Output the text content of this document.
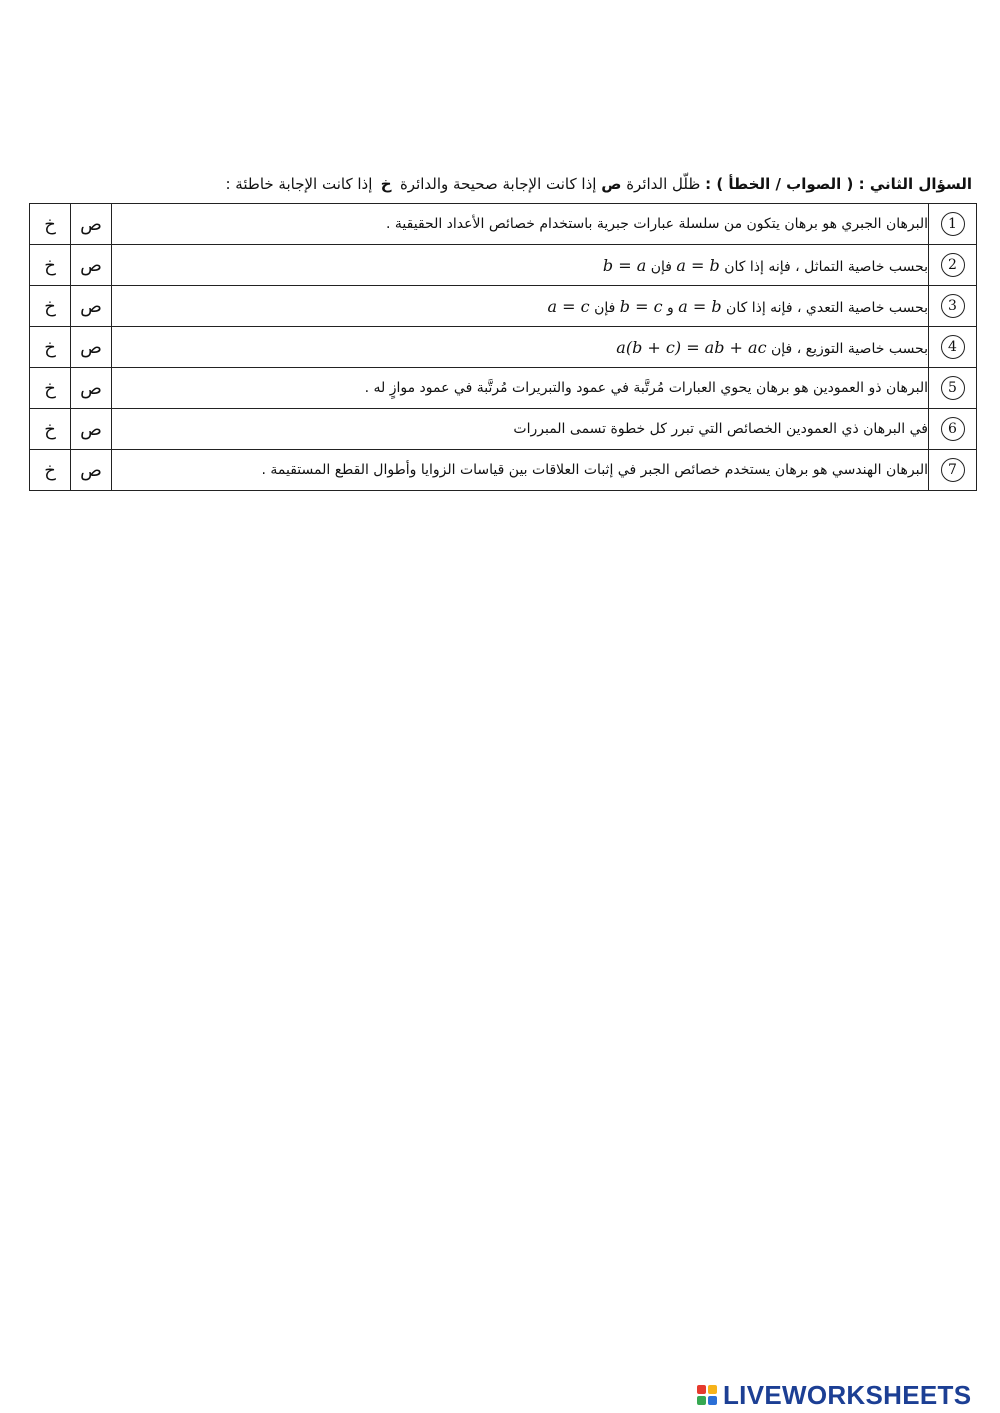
السؤال الثاني : ( الصواب / الخطأ ) : ظلّل الدائرة ص إذا كانت الإجابة صحيحة والدائرة خ إذا كانت الإجابة خاطئة :
1	البرهان الجبري هو برهان يتكون من سلسلة عبارات جبرية باستخدام خصائص الأعداد الحقيقية .	ص	خ
2	بحسب خاصية التماثل ، فإنه إذا كان a = b فإن b = a	ص	خ
3	بحسب خاصية التعدي ، فإنه إذا كان a = b و b = c فإن a = c	ص	خ
4	بحسب خاصية التوزيع ، فإن a(b + c) = ab + ac	ص	خ
5	البرهان ذو العمودين هو برهان يحوي العبارات مُرتَّبة في عمود والتبريرات مُرتَّبة في عمود موازٍ له .	ص	خ
6	في البرهان ذي العمودين الخصائص التي تبرر كل خطوة تسمى المبررات	ص	خ
7	البرهان الهندسي هو برهان يستخدم خصائص الجبر في إثبات العلاقات بين قياسات الزوايا وأطوال القطع المستقيمة .	ص	خ
LIVEWORKSHEETS
